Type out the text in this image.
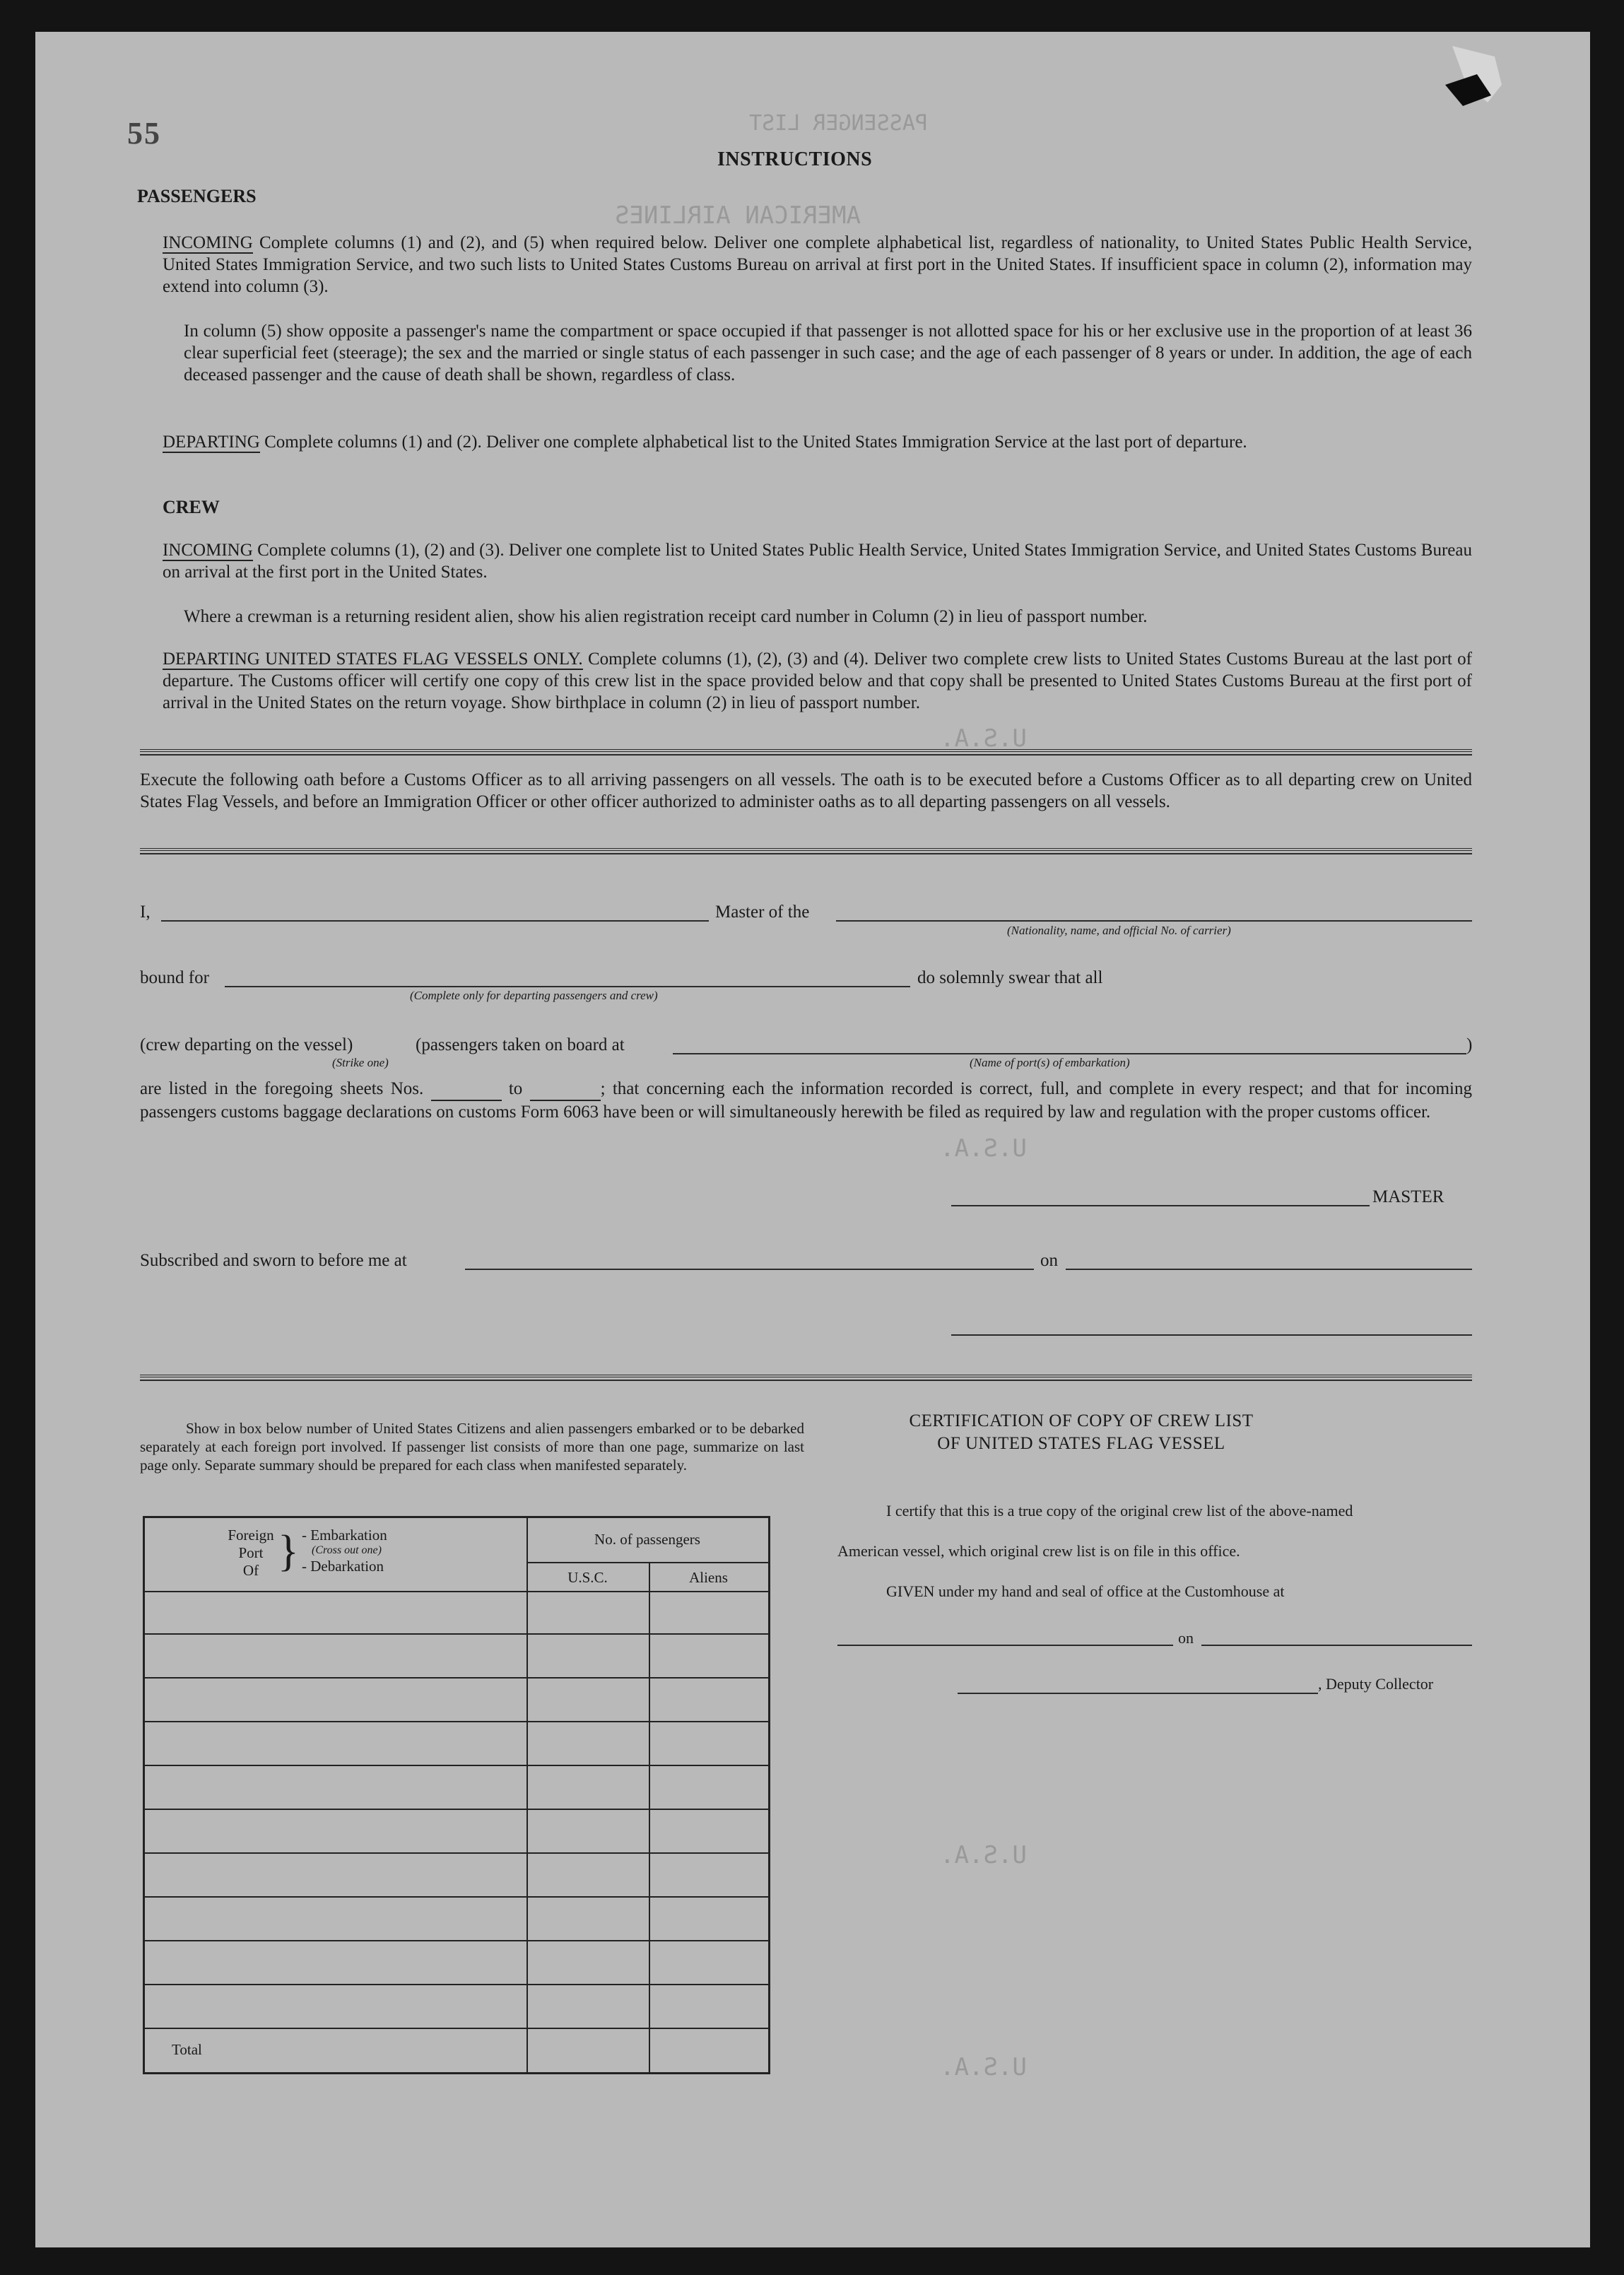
PASSENGER LIST
AMERICAN AIRLINES
U.S.A.
U.S.A.
U.S.A.
U.S.A.
55
INSTRUCTIONS
PASSENGERS
INCOMING Complete columns (1) and (2), and (5) when required below. Deliver one complete alphabetical list, regardless of nationality, to United States Public Health Service, United States Immigration Service, and two such lists to United States Customs Bureau on arrival at first port in the United States. If insufficient space in column (2), information may extend into column (3).
In column (5) show opposite a passenger's name the compartment or space occupied if that passenger is not allotted space for his or her exclusive use in the proportion of at least 36 clear superficial feet (steerage); the sex and the married or single status of each passenger in such case; and the age of each passenger of 8 years or under. In addition, the age of each deceased passenger and the cause of death shall be shown, regardless of class.
DEPARTING Complete columns (1) and (2). Deliver one complete alphabetical list to the United States Immigration Service at the last port of departure.
CREW
INCOMING Complete columns (1), (2) and (3). Deliver one complete list to United States Public Health Service, United States Immigration Service, and United States Customs Bureau on arrival at the first port in the United States.
Where a crewman is a returning resident alien, show his alien registration receipt card number in Column (2) in lieu of passport number.
DEPARTING UNITED STATES FLAG VESSELS ONLY. Complete columns (1), (2), (3) and (4). Deliver two complete crew lists to United States Customs Bureau at the last port of departure. The Customs officer will certify one copy of this crew list in the space provided below and that copy shall be presented to United States Customs Bureau at the first port of arrival in the United States on the return voyage. Show birthplace in column (2) in lieu of passport number.
Execute the following oath before a Customs Officer as to all arriving passengers on all vessels. The oath is to be executed before a Customs Officer as to all departing crew on United States Flag Vessels, and before an Immigration Officer or other officer authorized to administer oaths as to all departing passengers on all vessels.
I,	Master of the
(Nationality, name, and official No. of carrier)
bound for
(Complete only for departing passengers and crew)
do solemnly swear that all
(crew departing on the vessel)	(passengers taken on board at	)
(Strike one)	(Name of port(s) of embarkation)
are listed in the foregoing sheets Nos.	to	; that concerning each the information recorded is correct, full, and complete in every respect; and that for incoming passengers customs baggage declarations on customs Form 6063 have been or will simultaneously herewith be filed as required by law and regulation with the proper customs officer.
MASTER
Subscribed and sworn to before me at	on
Show in box below number of United States Citizens and alien passengers embarked or to be debarked separately at each foreign port involved. If passenger list consists of more than one page, summarize on last page only. Separate summary should be prepared for each class when manifested separately.
Foreign
Port
Of } - Embarkation
(Cross out one)
- Debarkation
No. of passengers
U.S.C.	Aliens
Total
CERTIFICATION OF COPY OF CREW LIST
OF UNITED STATES FLAG VESSEL
I certify that this is a true copy of the original crew list of the above-named
American vessel, which original crew list is on file in this office.
GIVEN under my hand and seal of office at the Customhouse at
on
, Deputy Collector
